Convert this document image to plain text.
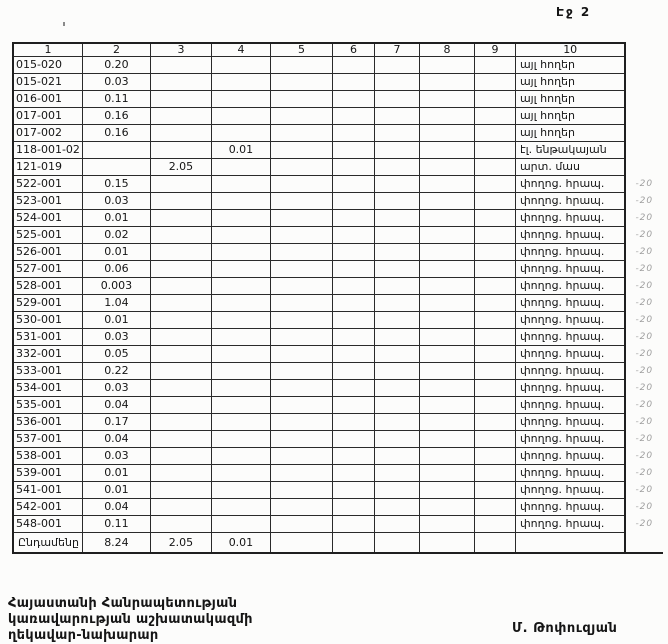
Էջ 2
1	2	3	4	5	6	7	8	9	10	
015-020	0.20								այլ հողեր	
015-021	0.03								այլ հողեր	
016-001	0.11								այլ հողեր	
017-001	0.16								այլ հողեր	
017-002	0.16								այլ հողեր	
118-001-02			0.01						էլ. ենթակայան	
121-019		2.05							արտ. մաս	
522-001	0.15								փողոց. հրապ.	-20
523-001	0.03								փողոց. հրապ.	-20
524-001	0.01								փողոց. հրապ.	-20
525-001	0.02								փողոց. հրապ.	-20
526-001	0.01								փողոց. հրապ.	-20
527-001	0.06								փողոց. հրապ.	-20
528-001	0.003								փողոց. հրապ.	-20
529-001	1.04								փողոց. հրապ.	-20
530-001	0.01								փողոց. հրապ.	-20
531-001	0.03								փողոց. հրապ.	-20
332-001	0.05								փողոց. հրապ.	-20
533-001	0.22								փողոց. հրապ.	-20
534-001	0.03								փողոց. հրապ.	-20
535-001	0.04								փողոց. հրապ.	-20
536-001	0.17								փողոց. հրապ.	-20
537-001	0.04								փողոց. հրապ.	-20
538-001	0.03								փողոց. հրապ.	-20
539-001	0.01								փողոց. հրապ.	-20
541-001	0.01								փողոց. հրապ.	-20
542-001	0.04								փողոց. հրապ.	-20
548-001	0.11								փողոց. հրապ.	-20
Ընդամենը	8.24	2.05	0.01							
Հայաստանի Հանրապետության
կառավարության աշխատակազմի
ղեկավար-նախարար	Մ. Թոփուզյան
